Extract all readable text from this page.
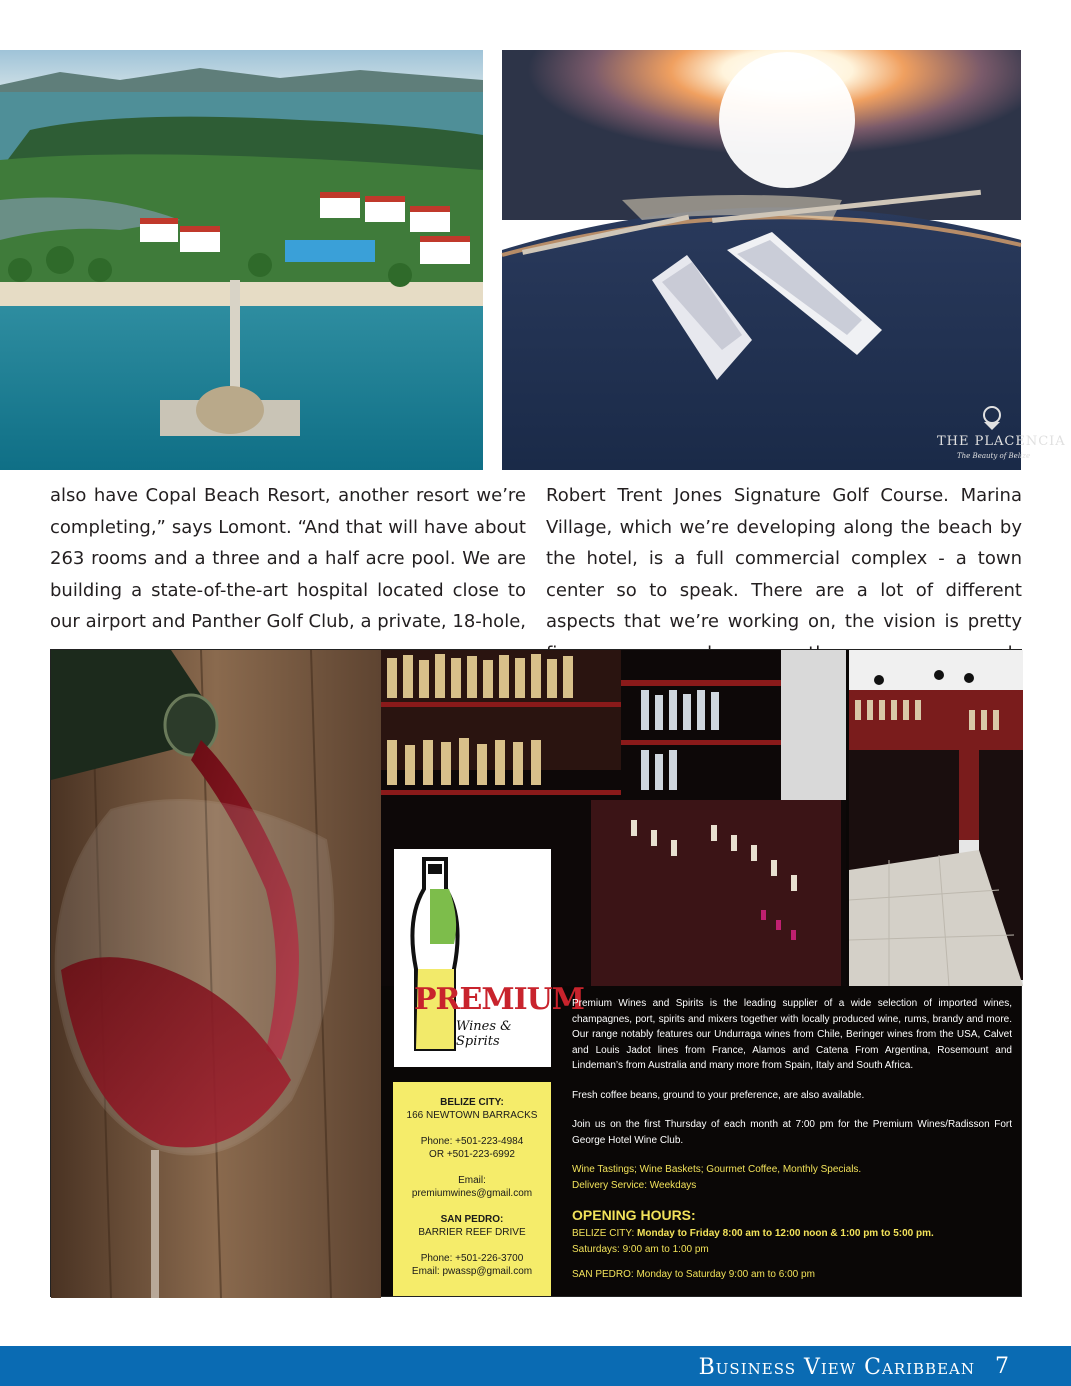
THE PLACENCIA
The Beauty of Belize
also have Copal Beach Resort, another resort we’re completing,” says Lomont. “And that will have about 263 rooms and a three and a half acre pool. We are building a state-of-the-art hospital located close to our airport and Panther Golf Club, a private, 18-hole,
Robert Trent Jones Signature Golf Course. Marina Village, which we’re developing along the beach by the hotel, is a full commercial complex - a town center so to speak. There are a lot of different aspects that we’re working on, the vision is pretty
PREMIUM
Wines & Spirits
BELIZE CITY:
166 NEWTOWN BARRACKS
Phone: +501-223-4984
OR +501-223-6992
Email:
premiumwines@gmail.com
SAN PEDRO:
BARRIER REEF DRIVE
Phone: +501-226-3700
Email: pwassp@gmail.com

Premium Wines and Spirits is the leading supplier of a wide selection of imported wines, champagnes, port, spirits and mixers together with locally produced wine, rums, brandy and more. Our range notably features our Undurraga wines from Chile, Beringer wines from the USA, Calvet and Louis Jadot lines from France, Alamos and Catena From Argentina, Rosemount and Lindeman’s from Australia and many more from Spain, Italy and South Africa.

Fresh coffee beans, ground to your preference, are also available.

Join us on the first Thursday of each month at 7:00 pm for the Premium Wines/Radisson Fort George Hotel Wine Club.

Wine Tastings; Wine Baskets; Gourmet Coffee, Monthly Specials.
Delivery Service: Weekdays
OPENING HOURS:
BELIZE CITY: Monday to Friday 8:00 am to 12:00 noon & 1:00 pm to 5:00 pm.
Saturdays: 9:00 am to 1:00 pm
SAN PEDRO: Monday to Saturday 9:00 am to 6:00 pm
Business View Caribbean 7
